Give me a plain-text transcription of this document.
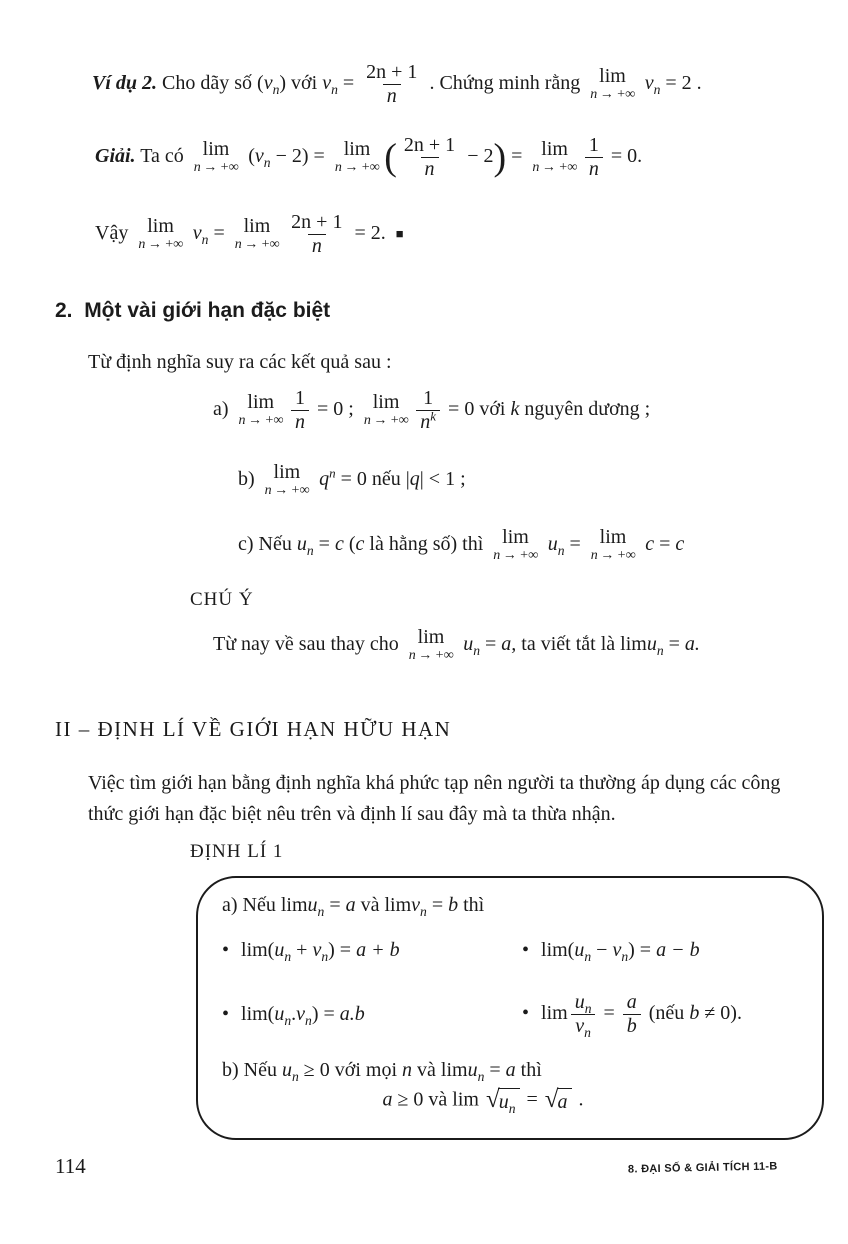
Ví dụ 2. Cho dãy số $(v_n)$ với $v_n = \frac{2n + 1}{n}$ . Chứng minh rằng lim
n → +∞
$v_n = 2$ .
Giải. Ta có lim
n → +∞
$(v_n - 2) = \lim$
n → +∞ ( $\frac{2n + 1}{n} - 2) = \lim$
n → +∞ $\frac{1}{n} = 0$.
Vậy lim
n → +∞
$v_n = \lim$
n → +∞ $\frac{2n + 1}{n} = 2$. ■
2. Một vài giới hạn đặc biệt
Từ định nghĩa suy ra các kết quả sau :
a) lim
n → +∞ $\frac{1}{n} = 0$ ; lim
n → +∞ $\frac{1}{n^k} = 0$ với k nguyên dương ;
b) lim
n → +∞
$q^n = 0$ nếu |q| < 1 ;
c) Nếu $u_n = c$ (c là hằng số) thì lim
n → +∞
$u_n = \lim$
n → +∞
c = c
CHÚ Ý
Từ nay về sau thay cho lim
n → +∞
$u_n = a$, ta viết tắt là limu$_n$ = a.
II – ĐỊNH LÍ VỀ GIỚI HẠN HỮU HẠN
Việc tìm giới hạn bằng định nghĩa khá phức tạp nên người ta thường áp dụng các công thức giới hạn đặc biệt nêu trên và định lí sau đây mà ta thừa nhận.
ĐỊNH LÍ 1
a) Nếu limu$_n$ = a và limv$_n$ = b thì
• $\lim(u_n + v_n) = a + b$	• $\lim(u_n - v_n) = a - b$
• $\lim(u_n.v_n) = a.b$	• $\lim \frac{u_n}{v_n} = \frac{a}{b}$ (nếu b ≠ 0).
b) Nếu $u_n \ge 0$ với mọi n và limu$_n$ = a thì
a ≥ 0 và lim √ $u_n$ = √ a .
114	8. ĐẠI SỐ & GIẢI TÍCH 11-B
